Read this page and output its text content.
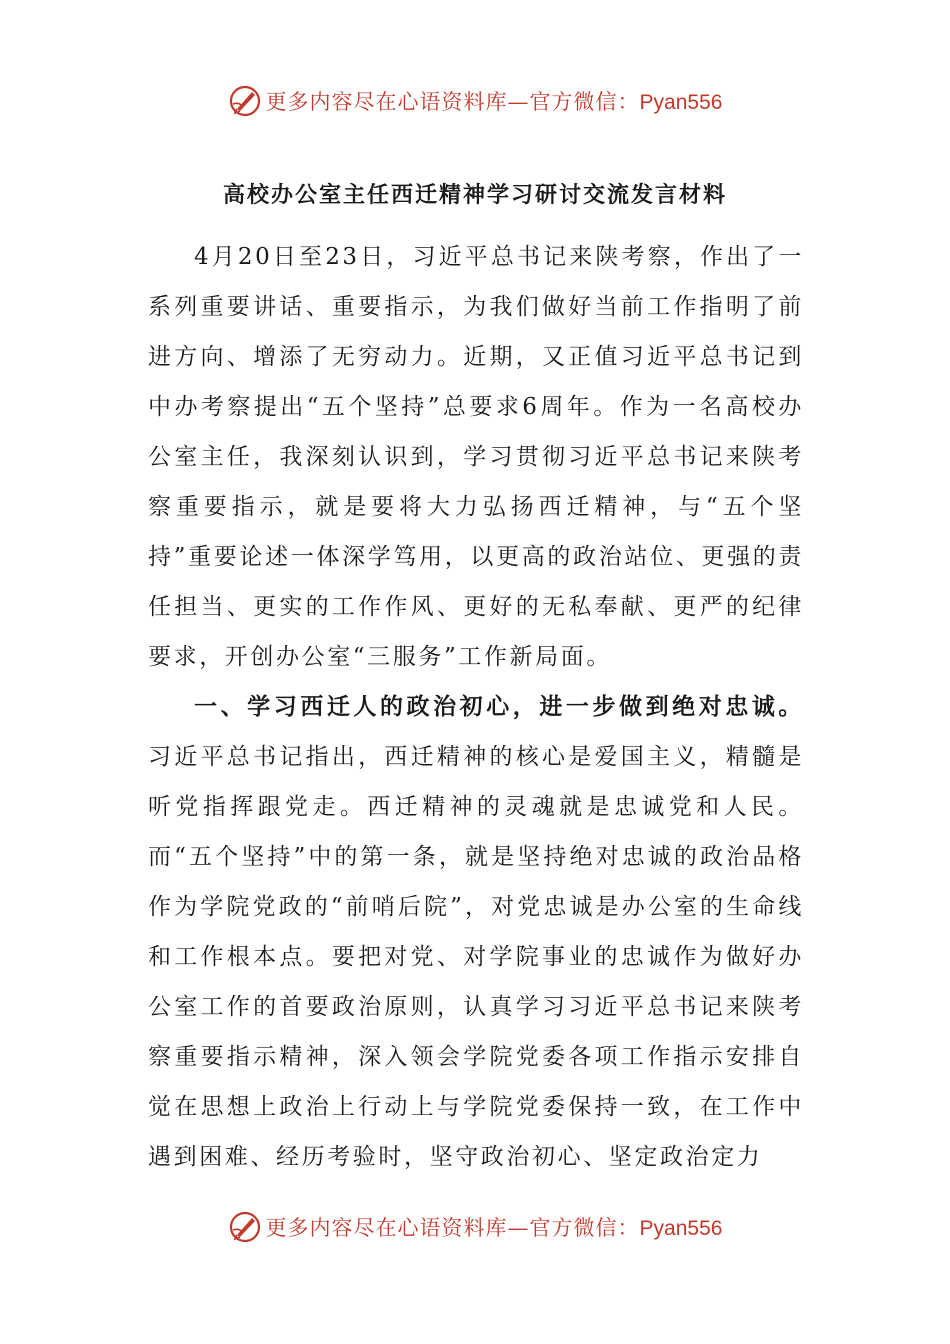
更多内容尽在心语资料库—官方微信：Pyan556
高校办公室主任西迁精神学习研讨交流发言材料

4月20日至23日，习近平总书记来陕考察，作出了一系列重要讲话、重要指示，为我们做好当前工作指明了前进方向、增添了无穷动力。近期，又正值习近平总书记到中办考察提出“五个坚持”总要求6周年。作为一名高校办公室主任，我深刻认识到，学习贯彻习近平总书记来陕考察重要指示，就是要将大力弘扬西迁精神，与“五个坚持”重要论述一体深学笃用，以更高的政治站位、更强的责任担当、更实的工作作风、更好的无私奉献、更严的纪律要求，开创办公室“三服务”工作新局面。

一、学习西迁人的政治初心，进一步做到绝对忠诚。习近平总书记指出，西迁精神的核心是爱国主义，精髓是听党指挥跟党走。西迁精神的灵魂就是忠诚党和人民。而“五个坚持”中的第一条，就是坚持绝对忠诚的政治品格作为学院党政的“前哨后院”，对党忠诚是办公室的生命线和工作根本点。要把对党、对学院事业的忠诚作为做好办公室工作的首要政治原则，认真学习习近平总书记来陕考察重要指示精神，深入领会学院党委各项工作指示安排自觉在思想上政治上行动上与学院党委保持一致，在工作中遇到困难、经历考验时，坚守政治初心、坚定政治定力

更多内容尽在心语资料库—官方微信：Pyan556
